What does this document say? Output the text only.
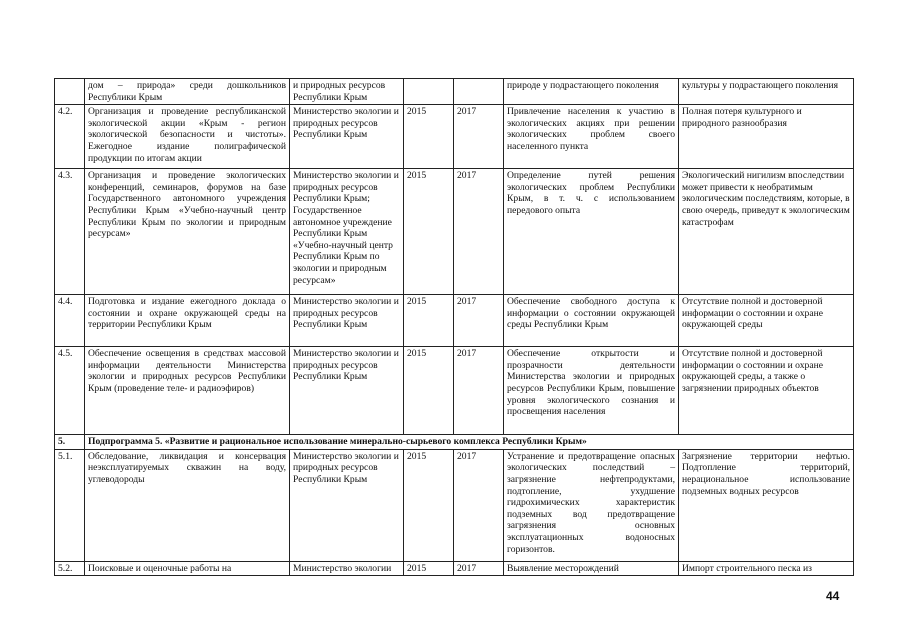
	дом – природа» среди дошкольников Республики Крым	и природных ресурсов Республики Крым			природе у подрастающего поколения	культуры у подрастающего поколения
4.2.	Организация и проведение республиканской экологической акции «Крым - регион экологической безопасности и чистоты». Ежегодное издание полиграфической продукции по итогам акции	Министерство экологии и природных ресурсов Республики Крым	2015	2017	Привлечение населения к участию в экологических акциях при решении экологических проблем своего населенного пункта	Полная потеря культурного и природного разнообразия
4.3.	Организация и проведение экологических конференций, семинаров, форумов на базе Государственного автономного учреждения Республики Крым «Учебно-научный центр Республики Крым по экологии и природным ресурсам»	Министерство экологии и природных ресурсов Республики Крым; Государственное автономное учреждение Республики Крым «Учебно-научный центр Республики Крым по экологии и природным ресурсам»	2015	2017	Определение путей решения экологических проблем Республики Крым, в т. ч. с использованием передового опыта	Экологический нигилизм впоследствии может привести к необратимым экологическим последствиям, которые, в свою очередь, приведут к экологическим катастрофам
4.4.	Подготовка и издание ежегодного доклада о состоянии и охране окружающей среды на территории Республики Крым	Министерство экологии и природных ресурсов Республики Крым	2015	2017	Обеспечение свободного доступа к информации о состоянии окружающей среды Республики Крым	Отсутствие полной и достоверной информации о состоянии и охране окружающей среды
4.5.	Обеспечение освещения в средствах массовой информации деятельности Министерства экологии и природных ресурсов Республики Крым (проведение теле- и радиоэфиров)	Министерство экологии и природных ресурсов Республики Крым	2015	2017	Обеспечение открытости и прозрачности деятельности Министерства экологии и природных ресурсов Республики Крым, повышение уровня экологического сознания и просвещения населения	Отсутствие полной и достоверной информации о состоянии и охране окружающей среды, а также о загрязнении природных объектов
5.	Подпрограмма 5. «Развитие и рациональное использование минерально-сырьевого комплекса Республики Крым»					
5.1.	Обследование, ликвидация и консервация неэксплуатируемых скважин на воду, углеводороды	Министерство экологии и природных ресурсов Республики Крым	2015	2017	Устранение и предотвращение опасных экологических последствий – загрязнение нефтепродуктами, подтопление, ухудшение гидрохимических характеристик подземных вод предотвращение загрязнения основных эксплуатационных водоносных горизонтов.	Загрязнение территории нефтью. Подтопление территорий, нерациональное использование подземных водных ресурсов
5.2.	Поисковые и оценочные работы на	Министерство экологии	2015	2017	Выявление месторождений	Импорт строительного песка из
44
